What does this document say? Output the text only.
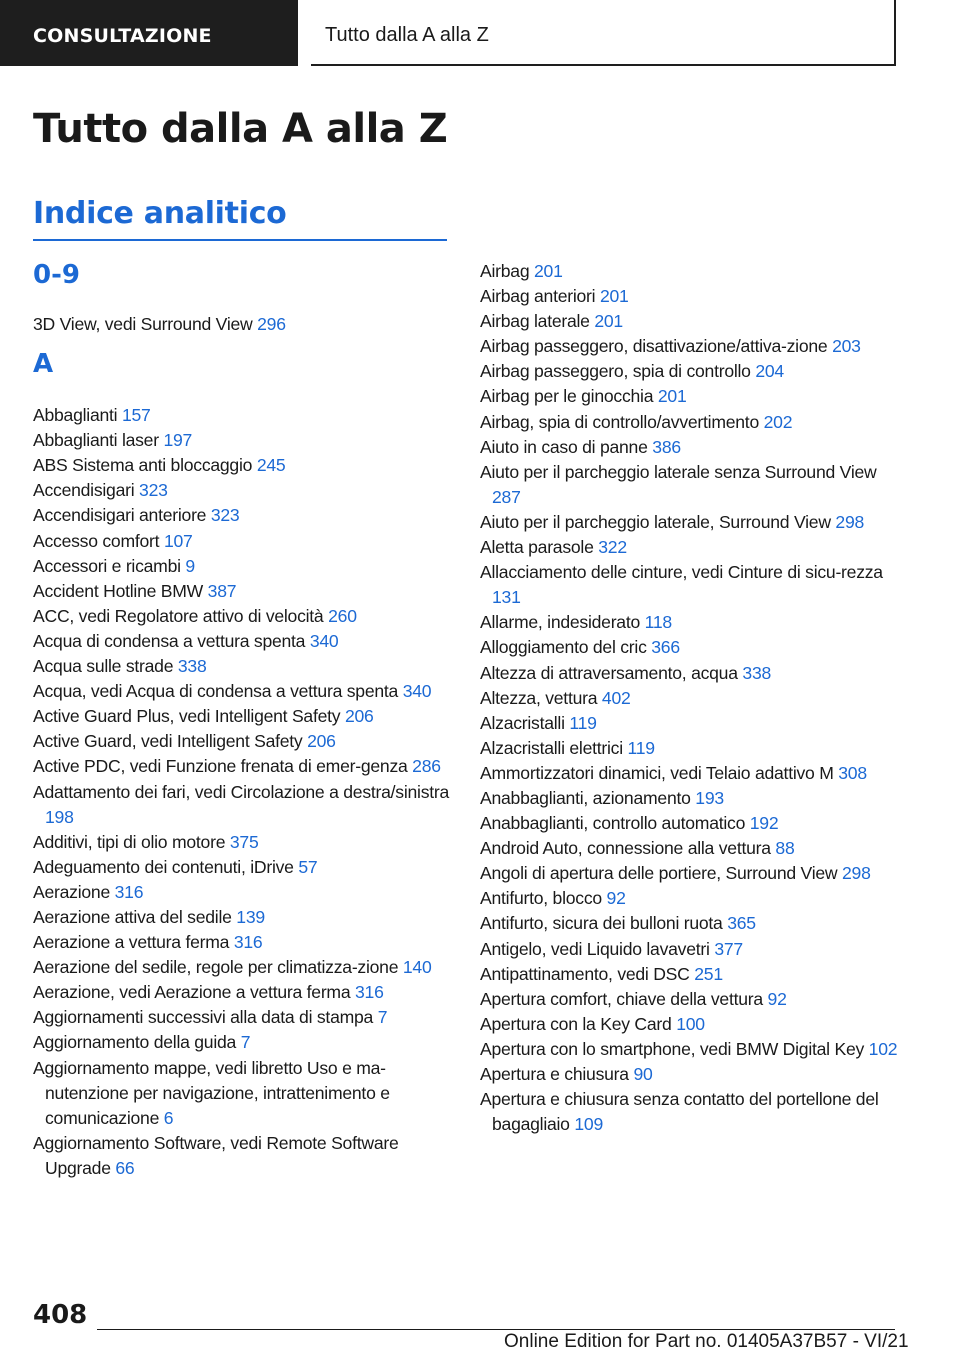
CONSULTAZIONE	Tutto dalla A alla Z
Tutto dalla A alla Z
Indice analitico
0-9
3D View, vedi Surround View 296
A
Abbaglianti 157
Abbaglianti laser 197
ABS Sistema anti bloccaggio 245
Accendisigari 323
Accendisigari anteriore 323
Accesso comfort 107
Accessori e ricambi 9
Accident Hotline BMW 387
ACC, vedi Regolatore attivo di velocità 260
Acqua di condensa a vettura spenta 340
Acqua sulle strade 338
Acqua, vedi Acqua di condensa a vettura spenta 340
Active Guard Plus, vedi Intelligent Safety 206
Active Guard, vedi Intelligent Safety 206
Active PDC, vedi Funzione frenata di emer-genza 286
Adattamento dei fari, vedi Circolazione a destra/sinistra 198
Additivi, tipi di olio motore 375
Adeguamento dei contenuti, iDrive 57
Aerazione 316
Aerazione attiva del sedile 139
Aerazione a vettura ferma 316
Aerazione del sedile, regole per climatizza-zione 140
Aerazione, vedi Aerazione a vettura ferma 316
Aggiornamenti successivi alla data di stampa 7
Aggiornamento della guida 7
Aggiornamento mappe, vedi libretto Uso e ma-nutenzione per navigazione, intrattenimento e comunicazione 6
Aggiornamento Software, vedi Remote Software Upgrade 66
Airbag 201
Airbag anteriori 201
Airbag laterale 201
Airbag passeggero, disattivazione/attiva-zione 203
Airbag passeggero, spia di controllo 204
Airbag per le ginocchia 201
Airbag, spia di controllo/avvertimento 202
Aiuto in caso di panne 386
Aiuto per il parcheggio laterale senza Surround View 287
Aiuto per il parcheggio laterale, Surround View 298
Aletta parasole 322
Allacciamento delle cinture, vedi Cinture di sicu-rezza 131
Allarme, indesiderato 118
Alloggiamento del cric 366
Altezza di attraversamento, acqua 338
Altezza, vettura 402
Alzacristalli 119
Alzacristalli elettrici 119
Ammortizzatori dinamici, vedi Telaio adattivo M 308
Anabbaglianti, azionamento 193
Anabbaglianti, controllo automatico 192
Android Auto, connessione alla vettura 88
Angoli di apertura delle portiere, Surround View 298
Antifurto, blocco 92
Antifurto, sicura dei bulloni ruota 365
Antigelo, vedi Liquido lavavetri 377
Antipattinamento, vedi DSC 251
Apertura comfort, chiave della vettura 92
Apertura con la Key Card 100
Apertura con lo smartphone, vedi BMW Digital Key 102
Apertura e chiusura 90
Apertura e chiusura senza contatto del portellone del bagagliaio 109
408
Online Edition for Part no. 01405A37B57 - VI/21
